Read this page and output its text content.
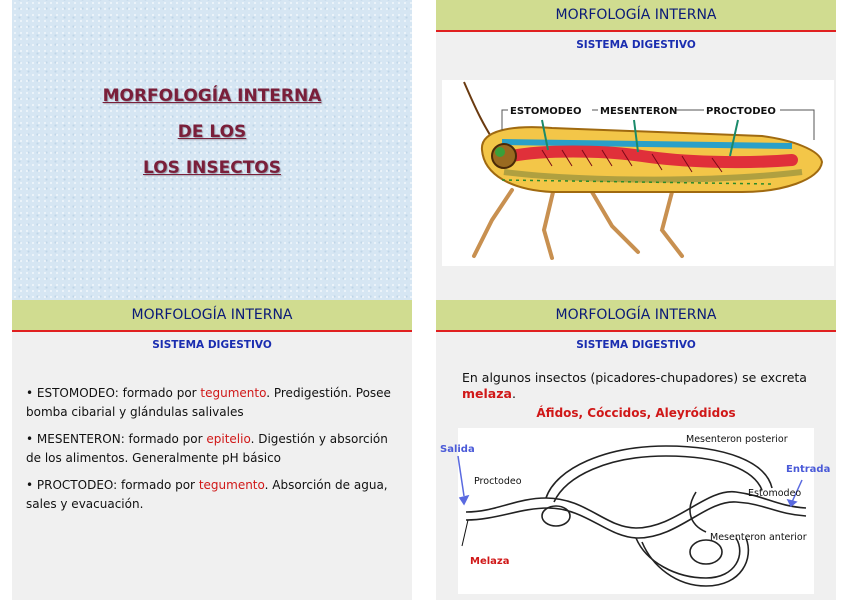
MORFOLOGÍA INTERNA
DE LOS
LOS INSECTOS
MORFOLOGÍA INTERNA
SISTEMA DIGESTIVO
ESTOMODEO MESENTERON	PROCTODEO
MORFOLOGÍA INTERNA
SISTEMA DIGESTIVO
• ESTOMODEO: formado por tegumento. Predigestión. Posee bomba cibarial y glándulas salivales
• MESENTERON: formado por epitelio. Digestión y absorción de los alimentos. Generalmente pH básico
• PROCTODEO: formado por tegumento. Absorción de agua, sales y evacuación.
MORFOLOGÍA INTERNA
SISTEMA DIGESTIVO
En algunos insectos (picadores-chupadores) se excreta melaza.
Áfidos, Cóccidos, Aleyródidos
Salida
Entrada
Melaza
Proctodeo
Estomodeo
Mesenteron posterior
Mesenteron anterior
